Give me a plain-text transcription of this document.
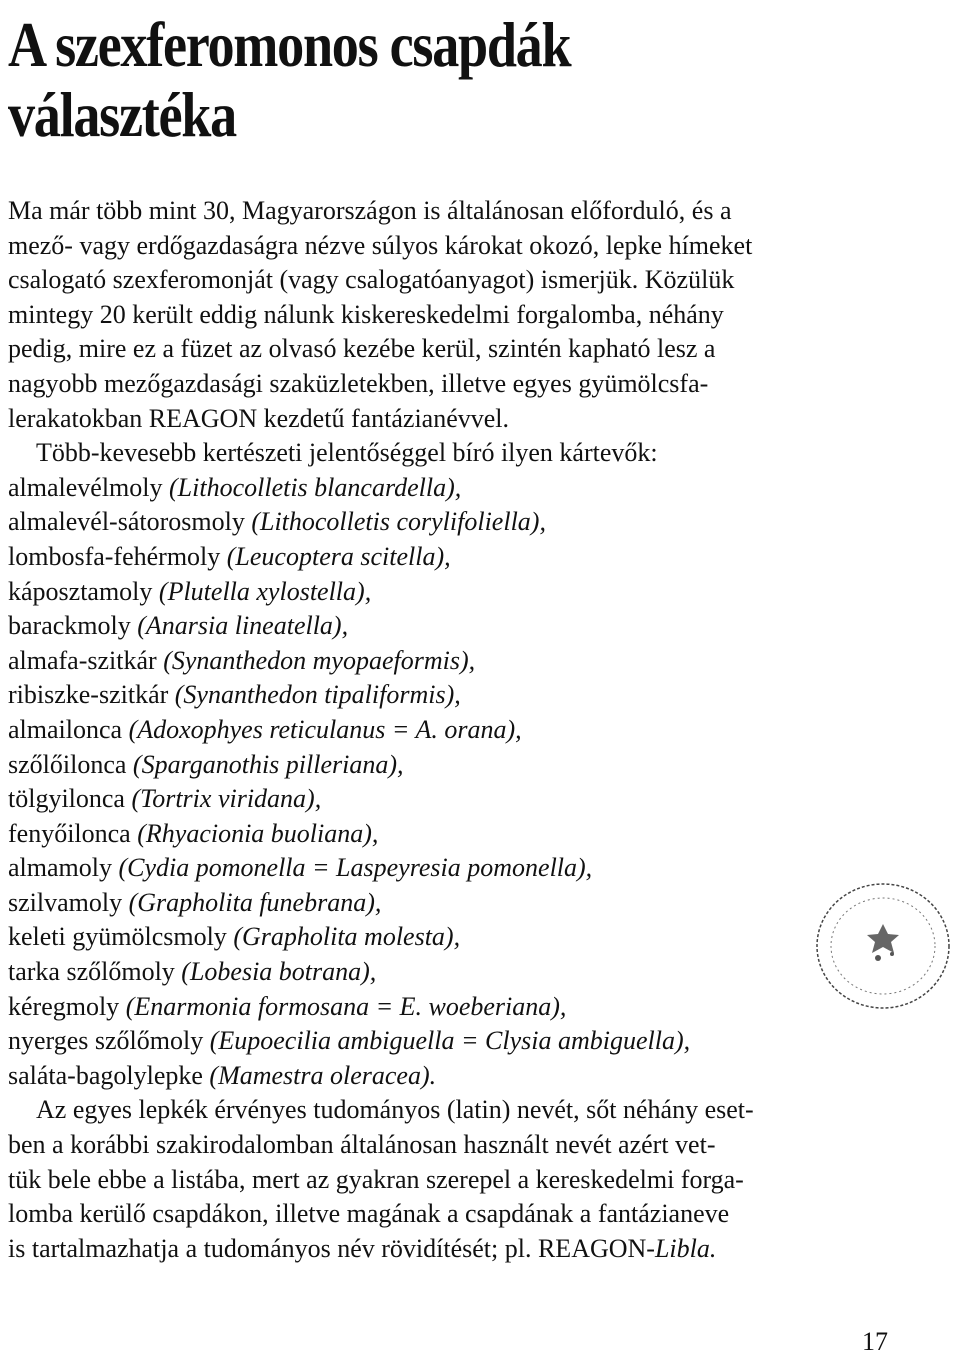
A szexferomonos csapdák
választéka
Ma már több mint 30, Magyarországon is általánosan előforduló, és a
mező- vagy erdőgazdaságra nézve súlyos károkat okozó, lepke hímeket
csalogató szexferomonját (vagy csalogatóanyagot) ismerjük. Közülük
mintegy 20 került eddig nálunk kiskereskedelmi forgalomba, néhány
pedig, mire ez a füzet az olvasó kezébe kerül, szintén kapható lesz a
nagyobb mezőgazdasági szaküzletekben, illetve egyes gyümölcsfa-
lerakatokban REAGON kezdetű fantázianévvel.
Több-kevesebb kertészeti jelentőséggel bíró ilyen kártevők:
almalevélmoly (Lithocolletis blancardella),
almalevél-sátorosmoly (Lithocolletis corylifoliella),
lombosfa-fehérmoly (Leucoptera scitella),
káposztamoly (Plutella xylostella),
barackmoly (Anarsia lineatella),
almafa-szitkár (Synanthedon myopaeformis),
ribiszke-szitkár (Synanthedon tipaliformis),
almailonca (Adoxophyes reticulanus = A. orana),
szőlőilonca (Sparganothis pilleriana),
tölgyilonca (Tortrix viridana),
fenyőilonca (Rhyacionia buoliana),
almamoly (Cydia pomonella = Laspeyresia pomonella),
szilvamoly (Grapholita funebrana),
keleti gyümölcsmoly (Grapholita molesta),
tarka szőlőmoly (Lobesia botrana),
kéregmoly (Enarmonia formosana = E. woeberiana),
nyerges szőlőmoly (Eupoecilia ambiguella = Clysia ambiguella),
saláta-bagolylepke (Mamestra oleracea).
Az egyes lepkék érvényes tudományos (latin) nevét, sőt néhány eset-
ben a korábbi szakirodalomban általánosan használt nevét azért vet-
tük bele ebbe a listába, mert az gyakran szerepel a kereskedelmi forga-
lomba kerülő csapdákon, illetve magának a csapdának a fantázianeve
is tartalmazhatja a tudományos név rövidítését; pl. REAGON-Libla.
17
